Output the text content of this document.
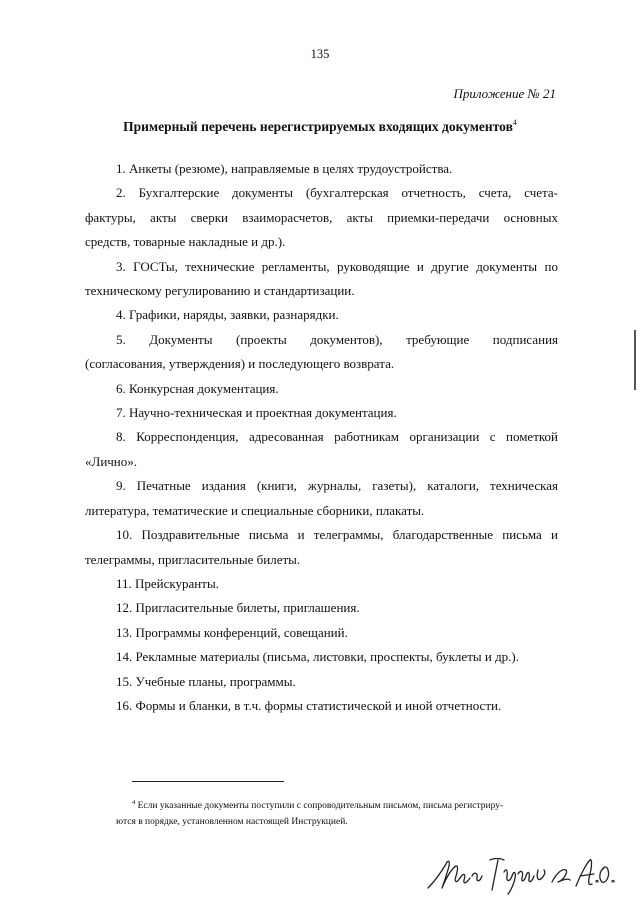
135
Приложение № 21
Примерный перечень нерегистрируемых входящих документов$^4$
1. Анкеты (резюме), направляемые в целях трудоустройства.
2. Бухгалтерские документы (бухгалтерская отчетность, счета, счета-
фактуры, акты сверки взаиморасчетов, акты приемки-передачи основных
средств, товарные накладные и др.).
3. ГОСТы, технические регламенты, руководящие и другие документы по
техническому регулированию и стандартизации.
4. Графики, наряды, заявки, разнарядки.
5. Документы (проекты документов), требующие подписания
(согласования, утверждения) и последующего возврата.
6. Конкурсная документация.
7. Научно-техническая и проектная документация.
8. Корреспонденция, адресованная работникам организации с пометкой
«Лично».
9. Печатные издания (книги, журналы, газеты), каталоги, техническая
литература, тематические и специальные сборники, плакаты.
10. Поздравительные письма и телеграммы, благодарственные письма и
телеграммы, пригласительные билеты.
11. Прейскуранты.
12. Пригласительные билеты, приглашения.
13. Программы конференций, совещаний.
14. Рекламные материалы (письма, листовки, проспекты, буклеты и др.).
15. Учебные планы, программы.
16. Формы и бланки, в т.ч. формы статистической и иной отчетности.
$^4$ Если указанные документы поступили с сопроводительным письмом, письма регистриру-
ются в порядке, установленном настоящей Инструкцией.
